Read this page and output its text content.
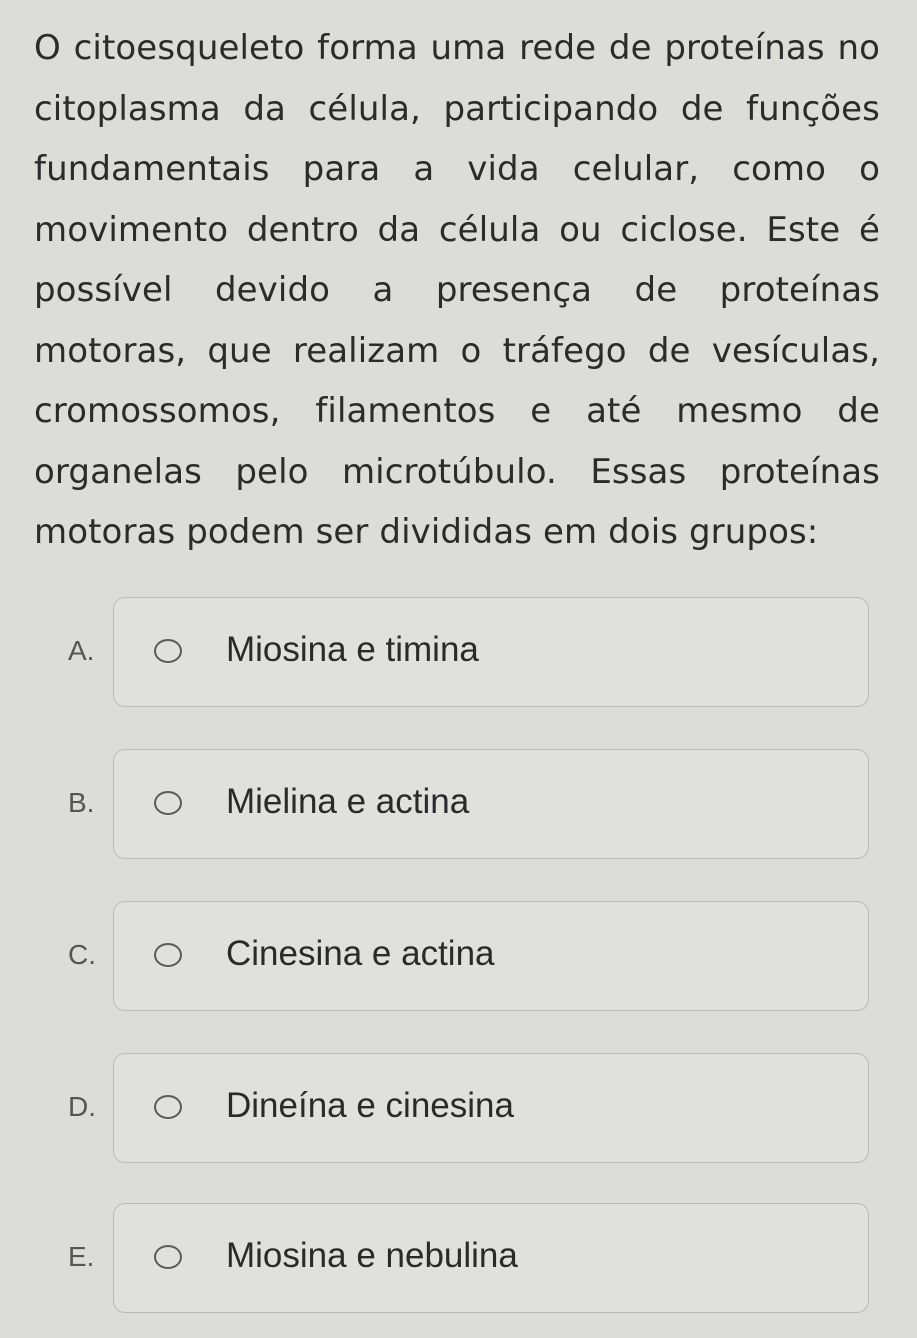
O citoesqueleto forma uma rede de proteínas no citoplasma da célula, participando de funções fundamentais para a vida celular, como o movimento dentro da célula ou ciclose. Este é possível devido a presença de proteínas motoras, que realizam o tráfego de vesículas, cromossomos, filamentos e até mesmo de organelas pelo microtúbulo. Essas proteínas motoras podem ser divididas em dois grupos:
A.	Miosina e timina
B.	Mielina e actina
C.	Cinesina e actina
D.	Dineína e cinesina
E.	Miosina e nebulina
